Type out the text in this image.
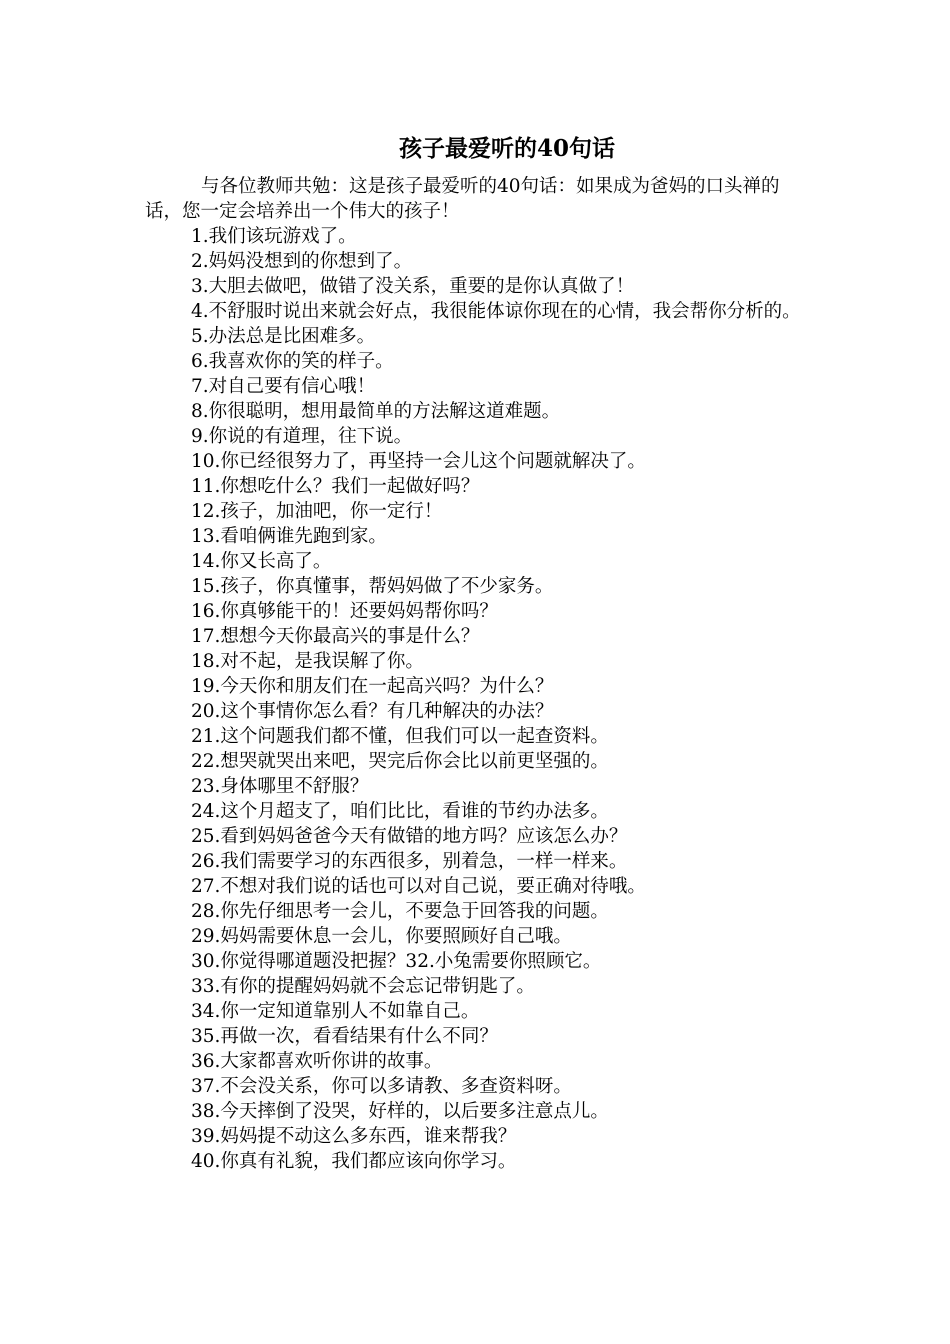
孩子最爱听的40句话

与各位教师共勉：这是孩子最爱听的40句话：如果成为爸妈的口头禅的话，您一定会培养出一个伟大的孩子！

1.我们该玩游戏了。

2.妈妈没想到的你想到了。

3.大胆去做吧，做错了没关系，重要的是你认真做了！

4.不舒服时说出来就会好点，我很能体谅你现在的心情，我会帮你分析的。

5.办法总是比困难多。

6.我喜欢你的笑的样子。

7.对自己要有信心哦！

8.你很聪明，想用最简单的方法解这道难题。

9.你说的有道理，往下说。

10.你已经很努力了，再坚持一会儿这个问题就解决了。

11.你想吃什么？我们一起做好吗？

12.孩子，加油吧，你一定行！

13.看咱俩谁先跑到家。

14.你又长高了。

15.孩子，你真懂事，帮妈妈做了不少家务。

16.你真够能干的！还要妈妈帮你吗？

17.想想今天你最高兴的事是什么？

18.对不起，是我误解了你。

19.今天你和朋友们在一起高兴吗？为什么？

20.这个事情你怎么看？有几种解决的办法？

21.这个问题我们都不懂，但我们可以一起查资料。

22.想哭就哭出来吧，哭完后你会比以前更坚强的。

23.身体哪里不舒服？

24.这个月超支了，咱们比比，看谁的节约办法多。

25.看到妈妈爸爸今天有做错的地方吗？应该怎么办？

26.我们需要学习的东西很多，别着急，一样一样来。

27.不想对我们说的话也可以对自己说，要正确对待哦。

28.你先仔细思考一会儿，不要急于回答我的问题。

29.妈妈需要休息一会儿，你要照顾好自己哦。

30.你觉得哪道题没把握？32.小兔需要你照顾它。

33.有你的提醒妈妈就不会忘记带钥匙了。

34.你一定知道靠别人不如靠自己。

35.再做一次，看看结果有什么不同？

36.大家都喜欢听你讲的故事。

37.不会没关系，你可以多请教、多查资料呀。

38.今天摔倒了没哭，好样的，以后要多注意点儿。

39.妈妈提不动这么多东西，谁来帮我？

40.你真有礼貌，我们都应该向你学习。
